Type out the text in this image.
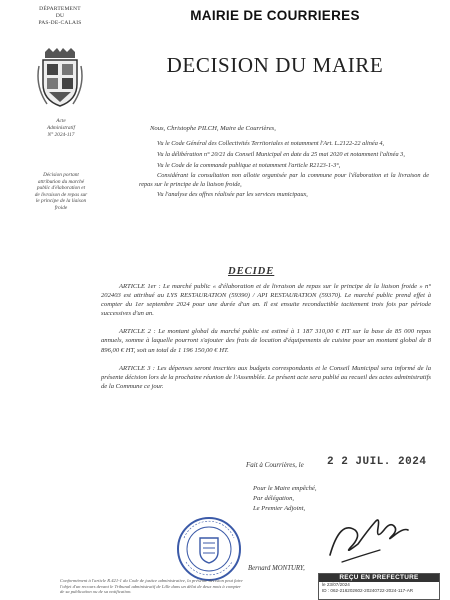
DÉPARTEMENT
DU
PAS-DE-CALAIS	MAIRIE DE COURRIERES
DECISION DU MAIRE
Acte
Administratif
N° 2024-117
Décision portant
attribution du marché
public d'élaboration et
de livraison de repas sur
le principe de la liaison
froide
Nous, Christophe PILCH, Maire de Courrières,

Vu le Code Général des Collectivités Territoriales et notamment l'Art. L.2122-22 alinéa 4,

Vu la délibération n° 20/21 du Conseil Municipal en date du 25 mai 2020 et notamment l'alinéa 3,

Vu le Code de la commande publique et notamment l'article R2123-1-3°,

Considérant la consultation non allotie organisée par la commune pour l'élaboration et la livraison de repas sur le principe de la liaison froide,

Vu l'analyse des offres réalisée par les services municipaux,

DECIDE

ARTICLE 1er : Le marché public « d'élaboration et de livraison de repas sur le principe de la liaison froide » n° 202403 est attribué au LYS RESTAURATION (59390) / API RESTAURATION (59370). Le marché public prend effet à compter du 1er septembre 2024 pour une durée d'un an. Il est ensuite reconductible tacitement trois fois par période successives d'un an.

ARTICLE 2 : Le montant global du marché public est estimé à 1 187 310,00 € HT sur la base de 85 000 repas annuels, somme à laquelle pourront s'ajouter des frais de location d'équipements de cuisine pour un montant global de 8 896,00 € HT, soit un total de 1 196 150,00 € HT.

ARTICLE 3 : Les dépenses seront inscrites aux budgets correspondants et le Conseil Municipal sera informé de la présente décision lors de la prochaine réunion de l'Assemblée. Le présent acte sera publié au recueil des actes administratifs de la Commune ce jour.

Fait à Courrières, le 2 2 JUIL. 2024
Pour le Maire empêché,
Par délégation,
Le Premier Adjoint,
Bernard MONTURY,
Conformément à l'article R.421-1 du Code de justice administrative, la présente décision peut faire
l'objet d'un recours devant le Tribunal administratif de Lille dans un délai de deux mois à compter
de sa publication ou de sa notification.
REÇU EN PREFECTURE
le 23/07/2024
ID : 062-216202602-20240722-2024-117-AR
